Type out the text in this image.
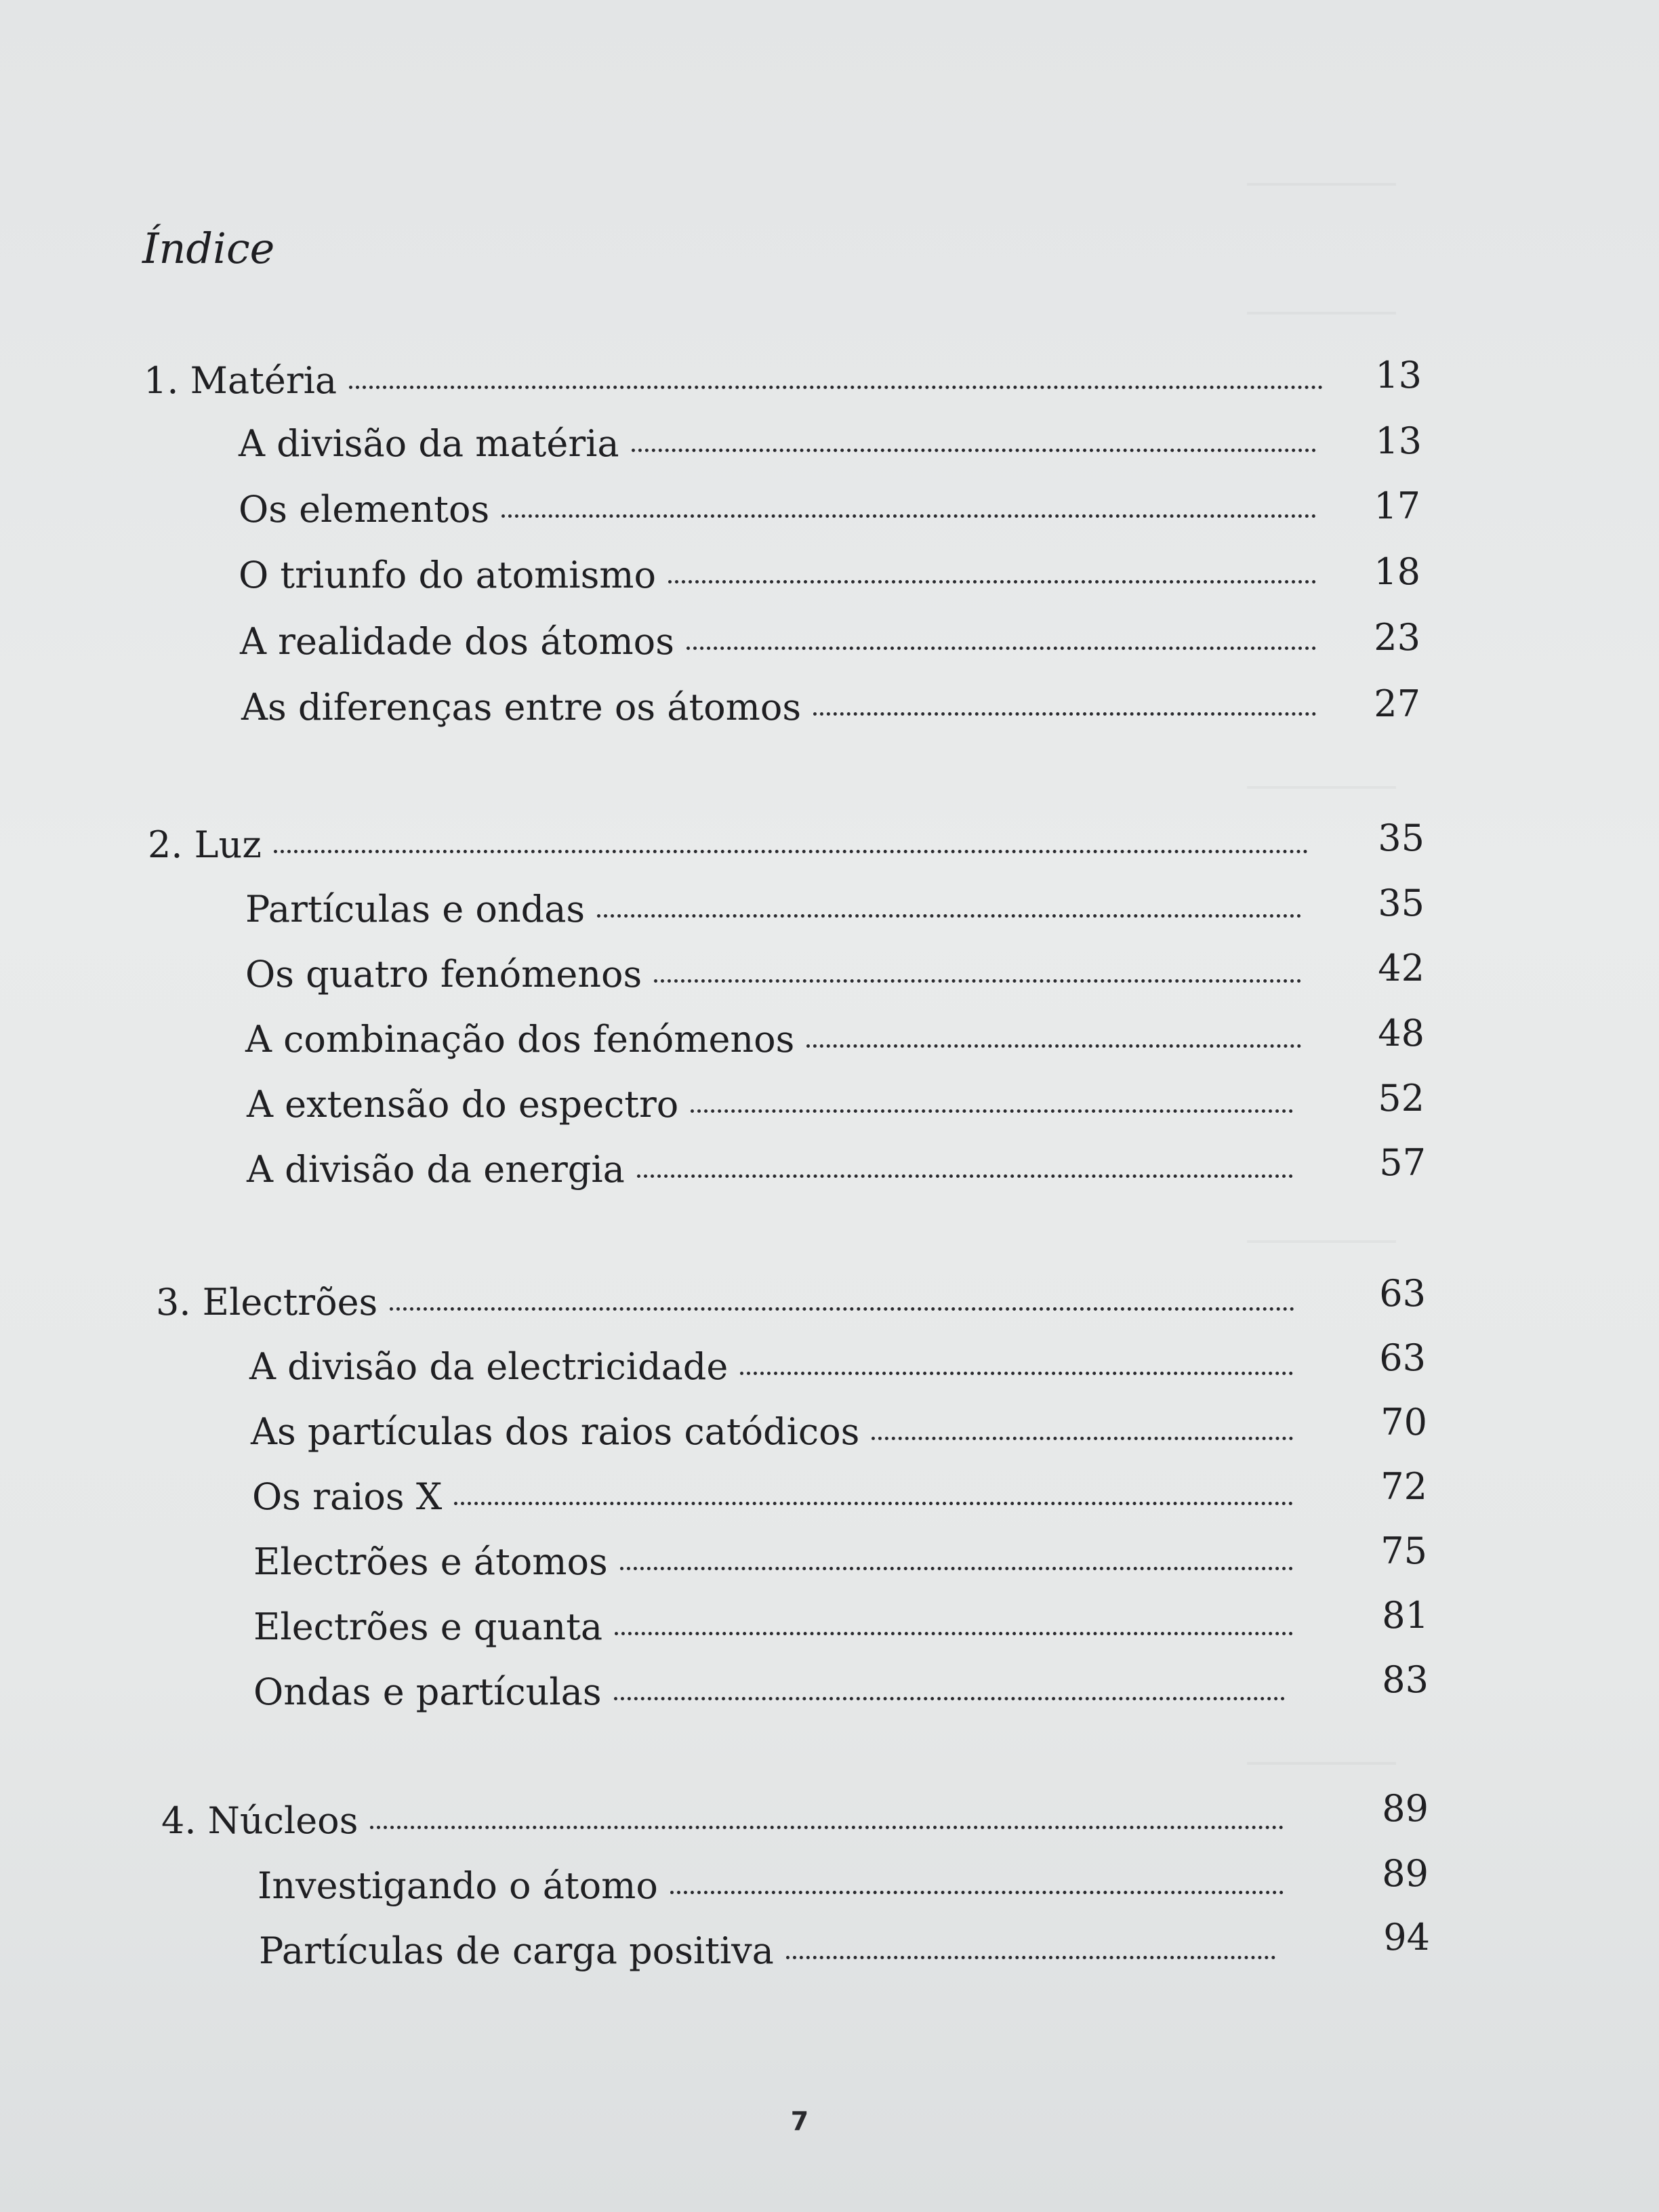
Índice
1. Matéria	13
A divisão da matéria	13
Os elementos	17
O triunfo do atomismo	18
A realidade dos átomos	23
As diferenças entre os átomos	27
2. Luz	35
Partículas e ondas	35
Os quatro fenómenos	42
A combinação dos fenómenos	48
A extensão do espectro	52
A divisão da energia	57
3. Electrões	63
A divisão da electricidade	63
As partículas dos raios catódicos	70
Os raios X	72
Electrões e átomos	75
Electrões e quanta	81
Ondas e partículas	83
4. Núcleos	89
Investigando o átomo	89
Partículas de carga positiva	94
7
